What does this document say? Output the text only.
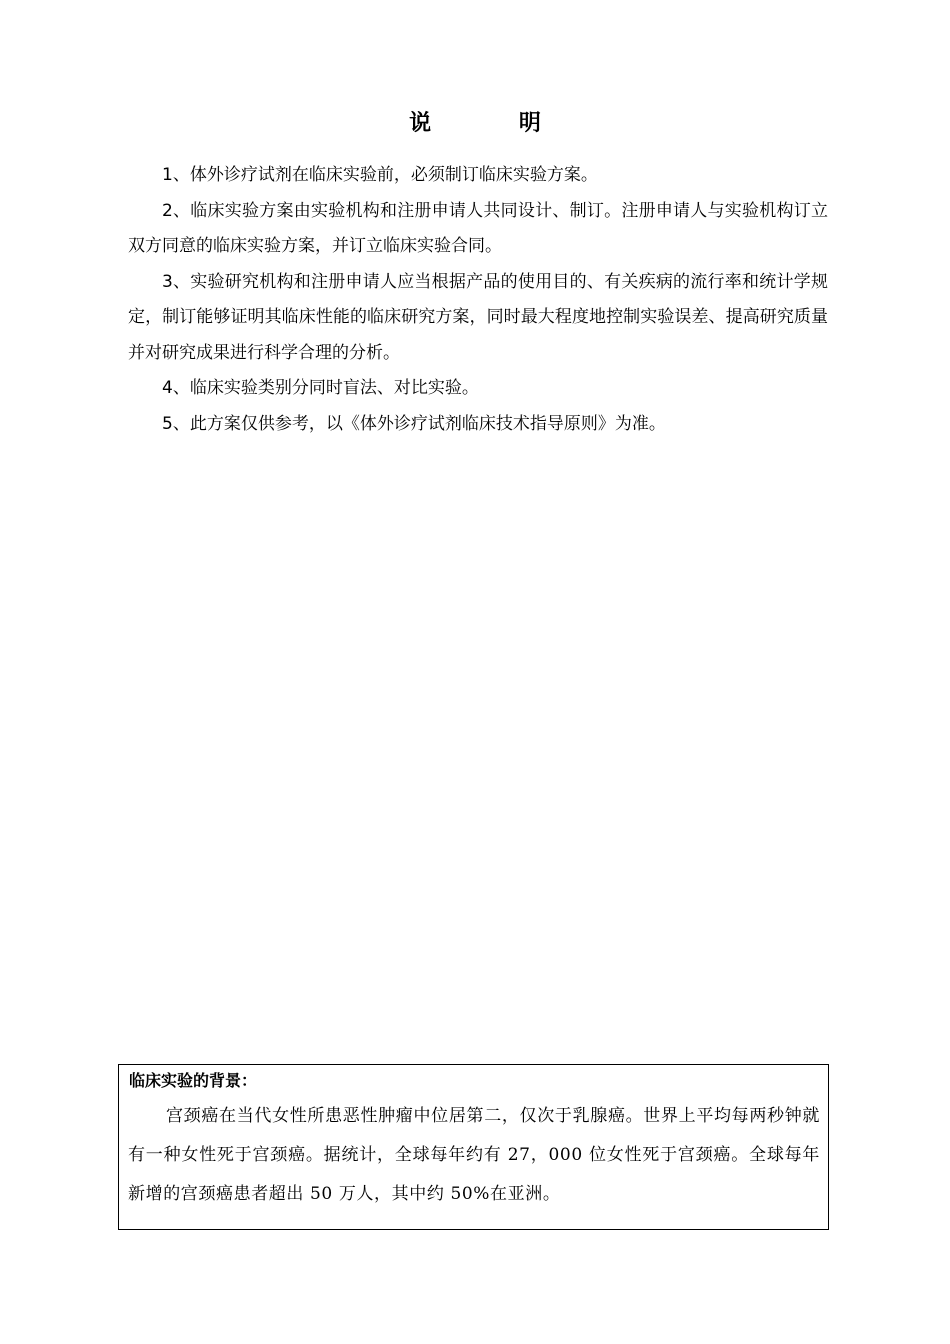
说 明

1、体外诊疗试剂在临床实验前，必须制订临床实验方案。

2、临床实验方案由实验机构和注册申请人共同设计、制订。注册申请人与实验机构订立双方同意的临床实验方案，并订立临床实验合同。

3、实验研究机构和注册申请人应当根据产品的使用目的、有关疾病的流行率和统计学规定，制订能够证明其临床性能的临床研究方案，同时最大程度地控制实验误差、提高研究质量并对研究成果进行科学合理的分析。

4、临床实验类别分同时盲法、对比实验。

5、此方案仅供参考，以《体外诊疗试剂临床技术指导原则》为准。

临床实验的背景：

宫颈癌在当代女性所患恶性肿瘤中位居第二，仅次于乳腺癌。世界上平均每两秒钟就有一种女性死于宫颈癌。据统计，全球每年约有 27，000 位女性死于宫颈癌。全球每年新增的宫颈癌患者超出 50 万人，其中约 50%在亚洲。
